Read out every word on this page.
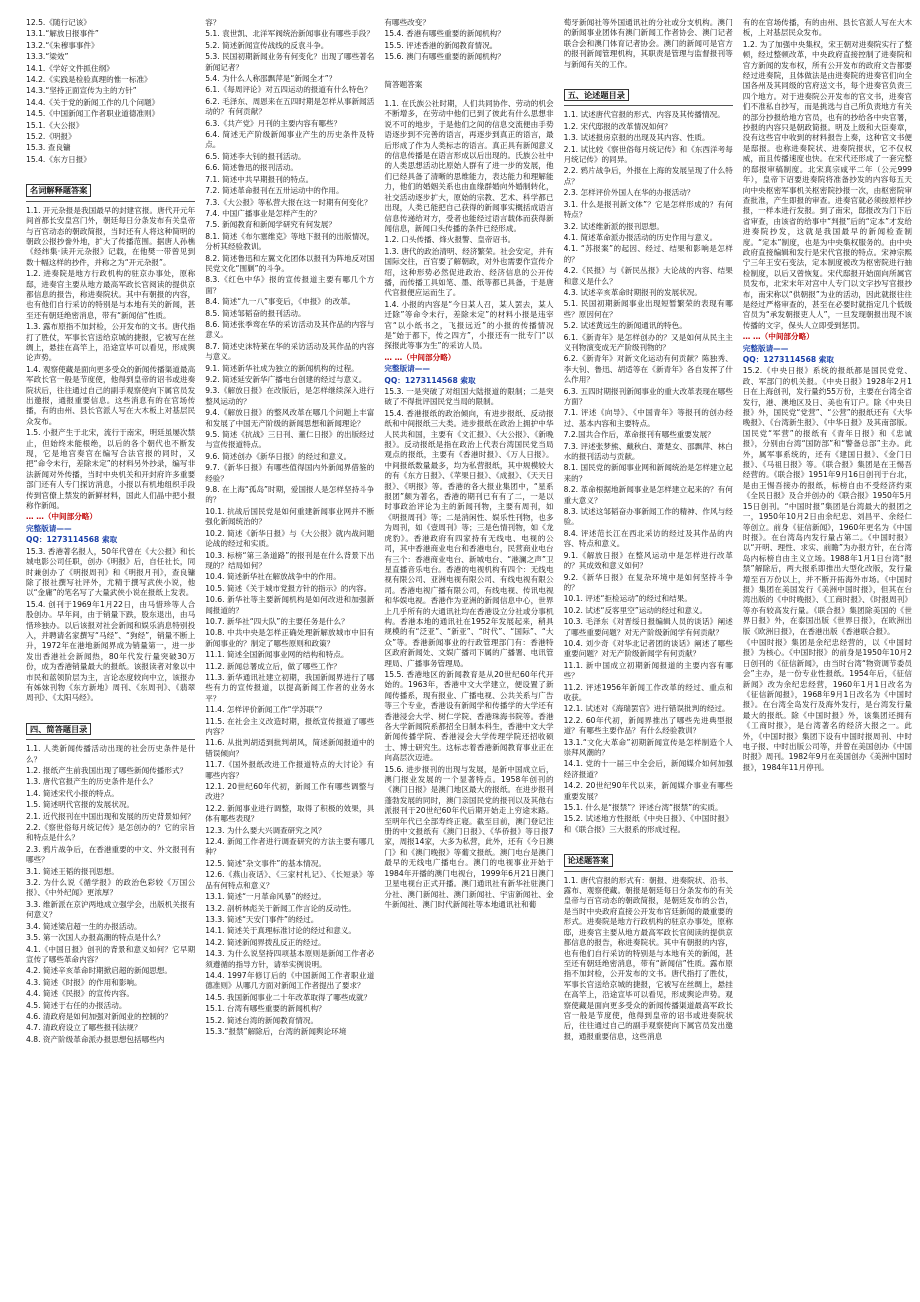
12.5.《随行记该》

13.1.“解放日报事件”

13.2.“《朱穆事事件》

13.3.“梁效”

14.1.《学好文件抓住纲》

14.2.《实践是检验真理的惟一标准》

14.3.“坚持正面宣传为主的方针”

14.4.《关于党的新闻工作的几个问题》

14.5.《中国新闻工作者职业道德准则》

15.1.《大公报》

15.2.《明报》

15.3. 查良镛

15.4.《东方日报》

名词解释题答案

1.1. 开元杂报是我国最早的封建官报。唐代开元年间首都长安皇宫门外，朝廷每日分条发布有关皇帝与百官动态的朝政简报，当时还有人将这种简明的朝政公报抄誊外地，扩大了传播范围。据唐人孙樵《经纬集·读开元杂报》记载，在他樊一带曾见到数十幅这样的抄件，并称之为“开元杂报”。

1.2. 进奏院是地方行政机构的驻京办事处，原称邸，进奏官主要从地方最高军政长官阅读的提供京都信息的报告，称进奏院状。其中有朝报的内容，也有他们自行采访的特别是与本地有关的新闻，甚至还有朝廷绝密消息，带有“新闻信”性质。

1.3. 露布原指不加封检，公开发布的文书。唐代指打了胜仗，军事长官送给京城的捷报，它被写在丝绸上，悬挂在高竿上，沿途宣毕可以看见，形成舆论声势。

1.4. 观察使藏是面向更多受众的新闻传播渠道最高军政长官一般是节度使，他得到皇帝的诏书或进奏院状后，往往通过自己的副手观察使向下属官员发出邀报，通报重要信息。这些消息有的在官场传播，有的由州、县长官派人写在大木板上对基层民众发布。

1.5. 小报产生于北宋，流行于南宋，明廷虽屡次禁止，但始终未能根绝，以后的各个朝代也不断发现，它是地宫奏官在编写合法官报的同时，又把“命令未行，差除未定”的材料另外抄录，编写非法新闻对外传播，当时中央机关和开封府许多重要部门还有人专门探访消息，小报以有机地组织手段传到官僚上禁发的新鲜材料，国此人们晶中把小报称作新闻。

… …（中间部分略）

完整版请——

QQ：1273114568 索取

15.3. 香港著名报人，50年代曾在《大公报》和长城电影公司任职，创办《明报》后，自任社长，同时兼创办了《明报周刊》和《明报月刊》，查良镛除了报社撰写社评外，尤精于撰写武侠小说，他以“金庸”的笔名写了大量武侠小说在报纸上发表。

15.4. 创刊于1969年1月22日，由马惜珍等人合股创办。早年间，由于销量下跌，股东退出，由马惜珍独办。以后该报对社会新闻和娱乐消息特别投入，并聘请名家撰写“马经”、“狗经”，销量不断上升，1972年在港地新闻界成为销量第一，进一步发出香港社会新闻热，80年代发行量突破30万份，成为香港销量最大的报纸。该报读者对象以中市民和蓝领阶层为主，言论态度较向中立，该报办有姊妹刊物《东方新地》周刊、《东周刊》、《翡翠周刊》、《太阳马经》。

四、简答题目录

1.1. 人类新闻传播活动出现的社会历史条件是什么？

1.2. 报纸产生前我国出现了哪些新闻传播形式？

1.3. 唐代官报产生的历史条件是什么？

1.4. 简述宋代小报的特点。

1.5. 简述明代官报的发展状况。

2.1. 近代报刊在中国出现和发展的历史背景如何？

2.2.《察世俗每月统记传》是怎创办的？它的宗旨和特点是什么？

2.3. 鸦片战争后，在香港重要的中文、外文报刊有哪些？

3.1. 简述王韬的报刊思想。

3.2. 为什么说《循学报》的政治色彩较《万国公报》、《中外纪闻》更浓厚？

3.3. 维新派在京沪两地成立强学会，出版机关报有何意义？

3.4. 简述梁启超一生的办报活动。

3.5. 第一次国人办报高潮的特点是什么？

4.1.《中国日报》创刊的背景和意义如何？它早期宣传了哪些革命内容？

4.2. 简述辛亥革命时期掀启超的新闻思想。

4.3. 简述《时报》的作用和影响。

4.4. 简述《民报》的宣传内容。

4.5. 简述于右任的办报活动。

4.6. 清政府是如何加强对新闻业的控制的？

4.7. 清政府设立了哪些报刊法规？

4.8. 资产阶级革命派办报思想包括哪些内

容？

5.1. 袁世凯、北洋军阀统治新闻事业有哪些手段？

5.2. 简述新闻宣传战线的反袁斗争。

5.3. 民国初期新闻业务有何变化？出现了哪些著名新闻记者？

5.4. 为什么人称邵飘萍是“新闻全才”？

6.1.《每周评论》对五四运动的报道有什么特色？

6.2. 毛泽东、周恩来在五四时期是怎样从事新闻活动的？有何贡献？

6.3.《共产党》月刊的主要内容有哪些？

6.4. 简述无产阶级新闻事业产生的历史条件及特点。

6.5. 简述李大钊的报刊活动。

6.6. 简述鲁迅的报刊活动。

7.1. 简述中共早期报刊的特点。

7.2. 简述革命报刊在五卅运动中的作用。

7.3.《大公报》等私营大报在这一时期有何变化？

7.4. 中国广播事业是怎样产生的？

7.5. 新闻教育和新闻学研究有何发展？

8.1. 简述《布尔塞维克》等地下报刊的出版情况，分析其经验教训。

8.2. 简述鲁迅和左翼文化团体以报刊为阵地反对国民党文化“围剿”的斗争。

8.3.《红色中华》报的宣传报道主要有哪几个方面？

8.4. 简述“九一八”事变后，《申报》的改革。

8.5. 简述邹韬奋的报刊活动。

8.6. 简述张季鸾在华的采访活动及其作品的内容与意义。

8.7. 简述史沫特莱在华的采访活动及其作品的内容与意义。

9.1. 简述新华社成为独立的新闻机构的过程。

9.2. 简述延安新华广播电台创建的经过与意义。

9.3.《解放日报》在改版后，是怎样继续深入进行整风运动的？

9.4.《解放日报》的整风改革在哪几个问题上丰富和发展了中国无产阶级的新闻思想和新闻理论？

9.5. 简述《抗战》三日刊、董仁日报》的出版经过与宣传报道特点。

9.6. 简述创办《新华日报》的经过和意义。

9.7.《新华日报》有哪些值得国内外新闻界借鉴的经验？

9.8. 在上海“孤岛”时期，爱国报人是怎样坚持斗争的？

10.1. 抗战后国民党是如何重建新闻事业网并不断强化新闻统治的？

10.2. 简述《新华日报》与《大公报》就内战问题论战的经过和实质。

10.3. 标榜“第三条道路”的报刊是在什么背景下出现的？结局如何？

10.4. 简述新华社在解放战争中的作用。

10.5. 简述《关于城市党报方针的指示》的内容。

10.6. 新华社等主要新闻机构是如何改进和加强新闻报道的？

10.7. 新华社“四大队”的主要任务是什么？

10.8. 中共中央是怎样正确处理新解放城市中旧有新闻事业的？制定了哪些原则和政策？

11.1. 简述全国新闻事业网的结构和特点。

11.2. 新闻总署成立后，做了哪些工作？

11.3. 新华通讯社建立初期，我国新闻界进行了哪些有力的宣传报道，以提高新闻工作者的业务水平？

11.4. 怎样评价新闻工作“学苏联”？

11.5. 在社会主义改造时期，报纸宣传报道了哪些内容？

11.6. 从批判胡适到批判胡风，简述新闻报道中的错误倾向？

11.7.《国外报纸改进工作报道特点的大讨论》有哪些内容？

12.1. 20世纪60年代初，新闻工作有哪些调整与改进？

12.2. 新闻事业进行调整，取得了积极的效果，具体有哪些表现？

12.3. 为什么要大兴调查研究之风？

12.4. 新闻工作者进行调查研究的方法主要有哪几种？

12.5. 简述“杂文事件”的基本情况。

12.6.《燕山夜话》、《三家村札记》、《长短录》等品有何特点和意义？

13.1. 简述“一月革命风暴”的经过。

13.2. 剖析林彪关于新闻工作言论的反动性。

13.3. 简述“天安门事件”的经过。

14.1. 简述关于真理标准讨论的经过和意义。

14.2. 简述新闻界拨乱反正的经过。

14.3. 为什么说坚持四项基本原则是新闻工作者必须遵循的指导方针，请举实例说明。

14.4. 1997年修订后的《中国新闻工作者职业道德准则》从哪几方面对新闻工作者提出了要求？

14.5. 我国新闻事业二十年改革取得了哪些成就？

15.1. 台湾有哪些重要的新闻机构？

15.2. 简述台湾的新闻教育情况。

15.3.“报禁”解除后，台湾的新闻舆论环境

有哪些改变？

15.4. 香港有哪些重要的新闻机构？

15.5. 评述香港的新闻教育情况。

15.6. 澳门有哪些重要的新闻机构？

简答题答案

1.1. 在氏族公社时期，人们共同协作、劳动的机会不断增多，在劳动中他们已到了彼此有什么思想非说不可的地步，于是他们之间的信息交流便由手势语逐步到不完善的语言，再逐步到真正的语言，最后形成了作为人类标志的语言。真正具有新闻意义的信息传播是在语言形成以后出现的。氏族公社中的人类思想活动比原始人群有了进一步的发展，他们已经具备了清晰的思维能力，表达能力和理解能力，他们的婚姻关系也由血缘群婚向外婚制转化，社交活动逐步扩大，原始的宗教、艺术、科学都已出现，人类已能把自己获得的新闻事实概括成语言信息传递给对方，受者也能经过语言载体而获得新闻信息，新闻口头传播的条件已经形成。

1.2. 口头传播、烽火报警、皇帝诏书。

1.3. 唐代的政治清明、经济繁荣。社会安定，并有国际交往，百官要了解朝政，对外也需要作宣传介绍，这种形势必然促进政治、经济信息的公开传播，而传播工具如笔、墨、纸等都已具备，于是唐代官报便应运而生了。

1.4. 小报的内容是“今日某人召，某人罢去，某人迁除”等命令未行，差除未定”的材料小报是违宰官“以小纸书之，飞报远近”的小报的传播情况是“始于都下，传之四方”，小报还有一批专门“以探报此等事为生”的采访人员。

… …（中间部分略）

完整版请——

QQ：1273114568 索取

15.3. 一是突破了对组国大陆报道的限制；二是突破了不得批评国民党当局的限制。

15.4. 香港报纸的政治倾向，有进步报纸、反动报纸和中间报纸三大类。进步报纸在政治上拥护中华人民共和国，主要有《文汇报》、《大公报》、《新晚报》。反动报纸是指在政治上代表台湾国民党当局观点的报纸，主要有《香港时报》、《万人日报》。中间报纸数量最多，均为私营报纸，其中规模较大的有《东方日报》、《苹果日报》、《成报》、《天天日报》、《明报》等。香港的各大报业集团中，“星系报团”颇为著名，香港的期刊已有有了二，一是以时事政治评论为主的新闻刊物，主要有周刊，如《明报周刊》等；二是消闲性、娱乐性刊物，也多为周刊，如《壹周刊》等；三是色情刊物，如《龙虎豹》。香港政府有四家持有无线电、电视的公司，其中香港商业电台和香港电台，民营商业电台有三个：香港商业电台、新城电台、“港澜之声”卫星直播音乐电台。香港的电视机构有四个：无线电视有限公司、亚洲电视有限公司、有线电视有限公司。香港电视广播有限公司，有线电视、传讯电视和华娱电视。香港作为亚洲的新闻信息中心，世界上几乎所有的大通讯社均在香港设立分社或分事机构。香港本地的通讯社在1952年发展起来，稍具规模的有“泛亚”、“新亚”、“时代”、“国际”、“大众”等。香港新闻事业的行政管理部门有：香港特区政府新闻处、文娱广播司下属的广播署、电讯管理局、广播事务管理局。

15.5. 香港地区的新闻教育是从20世纪60年代开始的。1963年，香港中文大学建立，便设置了新闻传播系，现有报业、广播电视、公共关系与广告等三个专业，香港设有新闻学和传播学的大学还有香港浸会大学、树仁学院、香港珠海书院等。香港各大学新闻院系都招全日制本科生，香港中文大学新闻传播学院、香港浸会大学传理学院还招收硕士、博士研究生。这标志着香港新闻教育事业正在向高层次迈进。

15.6. 进步报刊的出现与发展，是新中国成立后，澳门报业发展的一个显著特点。1958年创刊的《澳门日报》是澳门地区最大的报纸。在进步报刊蓬勃发展的同时，澳门亲国民党的报刊以及其他右派报刊于20世纪60年代后期开始走上穷途末路。至明年代已全部寿终正寝。截至目前，澳门登记注册的中文报纸有《澳门日报》、《华侨报》等日报7家，周报14家，大多为私营，此外，还有《今日澳门》和《澳门晚报》等葡文报纸。澳门电台是澳门最早的无线电广播电台。澳门的电视事业开始于1984年开播的澳门电视台，1999年6月21日澳门卫星电视台正式开播。澳门通讯社有新华社驻澳门分社、澳门新闻社、澳门新闻社、宇宙新闻社、金牛新闻社、澳门时代新闻社等本地通讯社和葡

萄牙新闻社等外国通讯社的分社或分支机构。澳门的新闻事业团体有澳门新闻工作者协会、澳门记者联合会和澳门体育记者协会。澳门的新闻可是官方的报刊新闻管理机构，其职责是管理与监督报刊等与新闻有关的工作。

五、论述题目录

1.1. 试述唐代官报的形式、内容及其传播情况。

1.2. 宋代邸报的改革情况如何？

1.3. 试述报房京报的出现及其内容、性质。

2.1. 试比较《察世俗每月统记传》和《东西洋考每月统记传》的同异。

2.2. 鸦片战争后，外报在上海的发展呈现了什么特点？

2.3. 怎样评价外国人在华的办报活动？

3.1. 什么是报刊新文体”？它是怎样形成的？有何特点？

3.2. 试述维新派的报刊思想。

4.1. 简述革命派办报活动的历史作用与意义。

4.1. “苏报案”的起因、经过、结果和影响是怎样的？

4.2.《民报》与《新民丛报》大论战的内容、结果和意义是什么？

4.3. 试述辛亥革命时期报刊的发展状况。

5.1. 民国初期新闻事业出现短暂繁荣的表现有哪些？原因何在？

5.2. 试述黄远生的新闻通讯的特色。

6.1.《新青年》是怎样创办的？又是如何从民主主义刊物演变成无产阶级刊物的？

6.2.《新青年》对新文化运动有何贡献？陈独秀、李大钊、鲁迅、胡适等在《新青年》各自发挥了什么作用？

6.3. 五四时期报刊新闻事业的重大改革表现在哪些方面？

7.1. 评述《向导》、《中国青年》等报刊的创办经过、基本内容和主要特点。

7.2.国共合作后，革命报刊有哪些重要发展？

7.3. 评述张梦熊、戴秋白、萧楚女、邵飘萍、林白水的报刊活动与贡献。

8.1. 国民党的新闻事业网和新闻统治是怎样建立起来的？

8.2. 革命根据地新闻事业是怎样建立起来的？有何重大意义？

8.3. 试述这邹韬奋办事新闻工作的精神、作风与经验。

8.4. 评述范长江在西北采访的经过及其作品的内容、特点和意义。

9.1.《解放日报》在整风运动中是怎样进行改革的？其成效和意义如何？

9.2.《新华日报》在复杂环境中是如何坚持斗争的？

10.1. 评述“拒检运动”的经过和结果。

10.2. 试述“反客里空”运动的经过和意义。

10.3. 毛泽东《对晋绥日报编辑人员的谈话》阐述了哪些重要问题？对无产阶级新闻学有何贡献？

10.4. 刘少奇《对华北记者团的谈话》阐述了哪些重要问题？对无产阶级新闻学有何贡献？

11.1. 新中国成立初期新闻报道的主要内容有哪些？

11.2. 评述1956年新闻工作改革的经过、重点和收获。

12.1. 试述对《海瑞罢官》进行错误批判的经过。

12.2. 60年代初，新闻界推出了哪些先进典型报道？有哪些主要作品？有什么经验教训？

13.1.“文化大革命”初期新闻宣传是怎样制造个人崇拜风潮的？

14.1. 党的十一届三中全会后，新闻媒介如何加强经济报道？

14.2. 20世纪90年代以来，新闻媒介事业有哪些重要发展？

15.1. 什么是“报禁”？评述台湾“报禁”的实质。

15.2. 试述地方性报纸《中央日报》、《中国时报》和《联合报》三大报系的形成过程。

论述题答案

1.1. 唐代官报的形式有：朝报、进奏院状、沿书、露布、观察使藏。朝报是朝廷每日分条发布的有关皇帝与百官动态的朝政简报，是朝廷发布的公告，是当时中央政府直接公开发布官廷新闻的最重要的形式。进奏院是地方行政机构的驻京办事处，原称邸，进奏官主要从地方最高军政长官阅读的提供京都信息的报告，称进奏院状。其中有朝报的内容，也有他们自行采访的特别是与本地有关的新闻，甚至还有朝廷绝密消息，带有“新闻信”性质。露布原指不加封检，公开发布的文书。唐代指打了胜仗，军事长官送给京城的捷报，它被写在丝绸上，悬挂在高竿上，沿途宣毕可以看见，形成舆论声势。观察使藏是面向更多受众的新闻传播渠道最高军政长官一般是节度使，他得到皇帝的诏书或进奏院状后，往往通过自己的副手观察使向下属官员发出邀报，通报重要信息，这些消息

有的在官场传播，有的由州、县长官派人写在大木板，上对基层民众发布。

1.2. 为了加强中央集权，宋王朝对进奏院实行了整顿，经过整顿改革，中央政府直接控制了进奏院和官方新闻的发布权，所有公开发布的政府文告都要经过进奏院，且体做法是由进奏院的进奏官们向全国各州及其同级的官府送文书，每个进奏官负责三四个地方。对于进奏院公开发布的官文书，进奏官们不准私自抄写，而是挑选与自己所负责地方有关的部分抄报给地方官员，也有的抄给各中央官署，抄报的内容只是朝政简报。明及上级和大臣奏章，没有这些宫中收到的材料报告上奏，这种官文书便是邸报。也称进奏院状、进奏院报状，它不仅权威，而且传播速度也快。在宋代还形成了一套完整的邸报审稿制度。北宋真宗咸平二年（公元999年），皇帝下诏要进奏院将准备抄发的内容每五天向中央枢密军事机关枢密院抄报一次，由枢密院审查批准，产生即报的审查。进奏官就必须按原样抄报，一样本进行发报。到了南宋，邸报改为门下后省审查，由该省的给事中“判报”后的“定本”才发给进奏院抄发，这就是我国最早的新闻检查制度。“定本”制度，也是为中央集权服务的。由中央政府直接编辑和发行是宋代官报的特点。宋神宗熙宁三年王安石变法，定本制度被改为枢密院进行抽检制度，以后又曾恢复。宋代邸报开始面向所属官员发布，北宋末年对宫中人专门以文字抄写官报抄布，南宋称以“供朝报”为业的活动，因此就报往往是经过严格审查的，甚至在必要时就指定几个低级官员为“承发朝报吏人人”，一旦发现朝报出现不该传播的文字，保头人立即受到惩罚。

… …（中间部分略）

完整版请——

QQ：1273114568 索取

15.2.《中央日报》系统的报纸都是国民党党、政、军部门的机关报。《中央日报》1928年2月1日在上海创刊，发行量约55万份，主要在台湾全省发行，港、澳地区及日、美也有订户。除《中央日报》外，国民党“党营”、“公营”的报纸还有《大华晚报》、《台湾新生报》、《中华日报》及其南部版。国民党“军营”的报纸有《青年日报》和《忠诚报》，分别由台湾“国防部”和“警备总部”主办。此外，属军事系统的，还有《建国日报》、《金门日报》、《马祖日报》等。《联合报》集团是在王惕吾经营的。《联合报》1951年9月16日创刊于台北，是由王惕吾接办的报纸，标榜自由不受经济约束《全民日报》及合并创办的《联合报》1950年5月15日创刊。“中国时报”集团是台湾最大的报团之一，1950年10月2日由余纪忠、刘昌平、余经仁等创立。前身《征信新闻》，1960年更名为《中国时报》。在台湾岛内发行量占第二。《中国时报》以“开明、理性、求实、前瞻”为办报方针，在台湾岛内标榜自由主义立场。1988年1月1日台湾“报禁”解除后，两大报系即推出大型化改版，发行量增至百万份以上，并不断开拓海外市场。《中国时报》集团在美国发行《美洲中国时报》，但其在台湾出版的《中时晚报》、《工商时报》、《时报周刊》等亦有较高发行量。《联合报》集团除美国的《世界日报》外，在泰国出版《世界日报》，在欧洲出版《欧洲日报》，在香港出版《香港联合报》。

《中国时报》集团是余纪忠经营的，以《中国时报》为核心。《中国时报》的前身是1950年10月2日创刊的《征信新闻》，由当时台湾“物资调节委员会”主办，是一份专业性报纸。1954年后，《征信新闻》改为余纪忠经营，1960年1月1日改名为《征信新闻报》，1968年9月1日改名为《中国时报》。在台湾全岛发行及海外发行，是台湾发行量最大的报纸。除《中国时报》外，该集团还拥有《工商时报》，是台湾著名的经济大报之一。此外，《中国时报》集团下设有中国时报周刊、中时电子报、中时出版公司等，并曾在美国创办《中国时报》周刊。1982年9月在美国创办《美洲中国时报》，1984年11月停刊。
